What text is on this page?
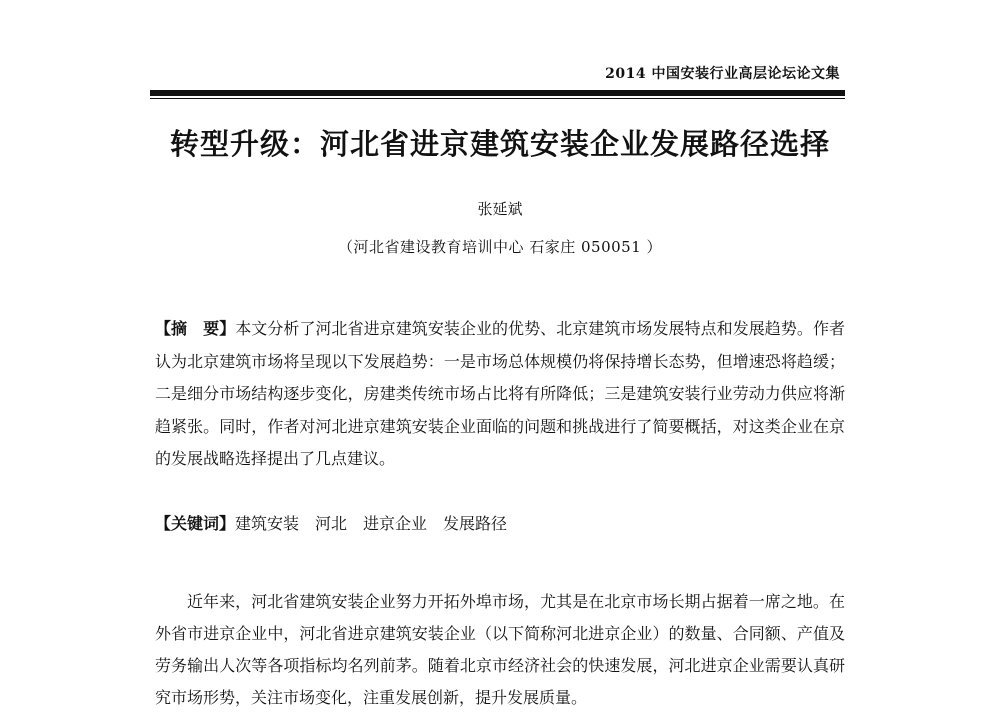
2014 中国安装行业高层论坛论文集
转型升级：河北省进京建筑安装企业发展路径选择
张延斌
（河北省建设教育培训中心 石家庄 050051 ）
【摘　要】本文分析了河北省进京建筑安装企业的优势、北京建筑市场发展特点和发展趋势。作者认为北京建筑市场将呈现以下发展趋势：一是市场总体规模仍将保持增长态势，但增速恐将趋缓；二是细分市场结构逐步变化，房建类传统市场占比将有所降低；三是建筑安装行业劳动力供应将渐趋紧张。同时，作者对河北进京建筑安装企业面临的问题和挑战进行了简要概括，对这类企业在京的发展战略选择提出了几点建议。
【关键词】建筑安装　河北　进京企业　发展路径
近年来，河北省建筑安装企业努力开拓外埠市场，尤其是在北京市场长期占据着一席之地。在外省市进京企业中，河北省进京建筑安装企业（以下简称河北进京企业）的数量、合同额、产值及劳务输出人次等各项指标均名列前茅。随着北京市经济社会的快速发展，河北进京企业需要认真研究市场形势，关注市场变化，注重发展创新，提升发展质量。
